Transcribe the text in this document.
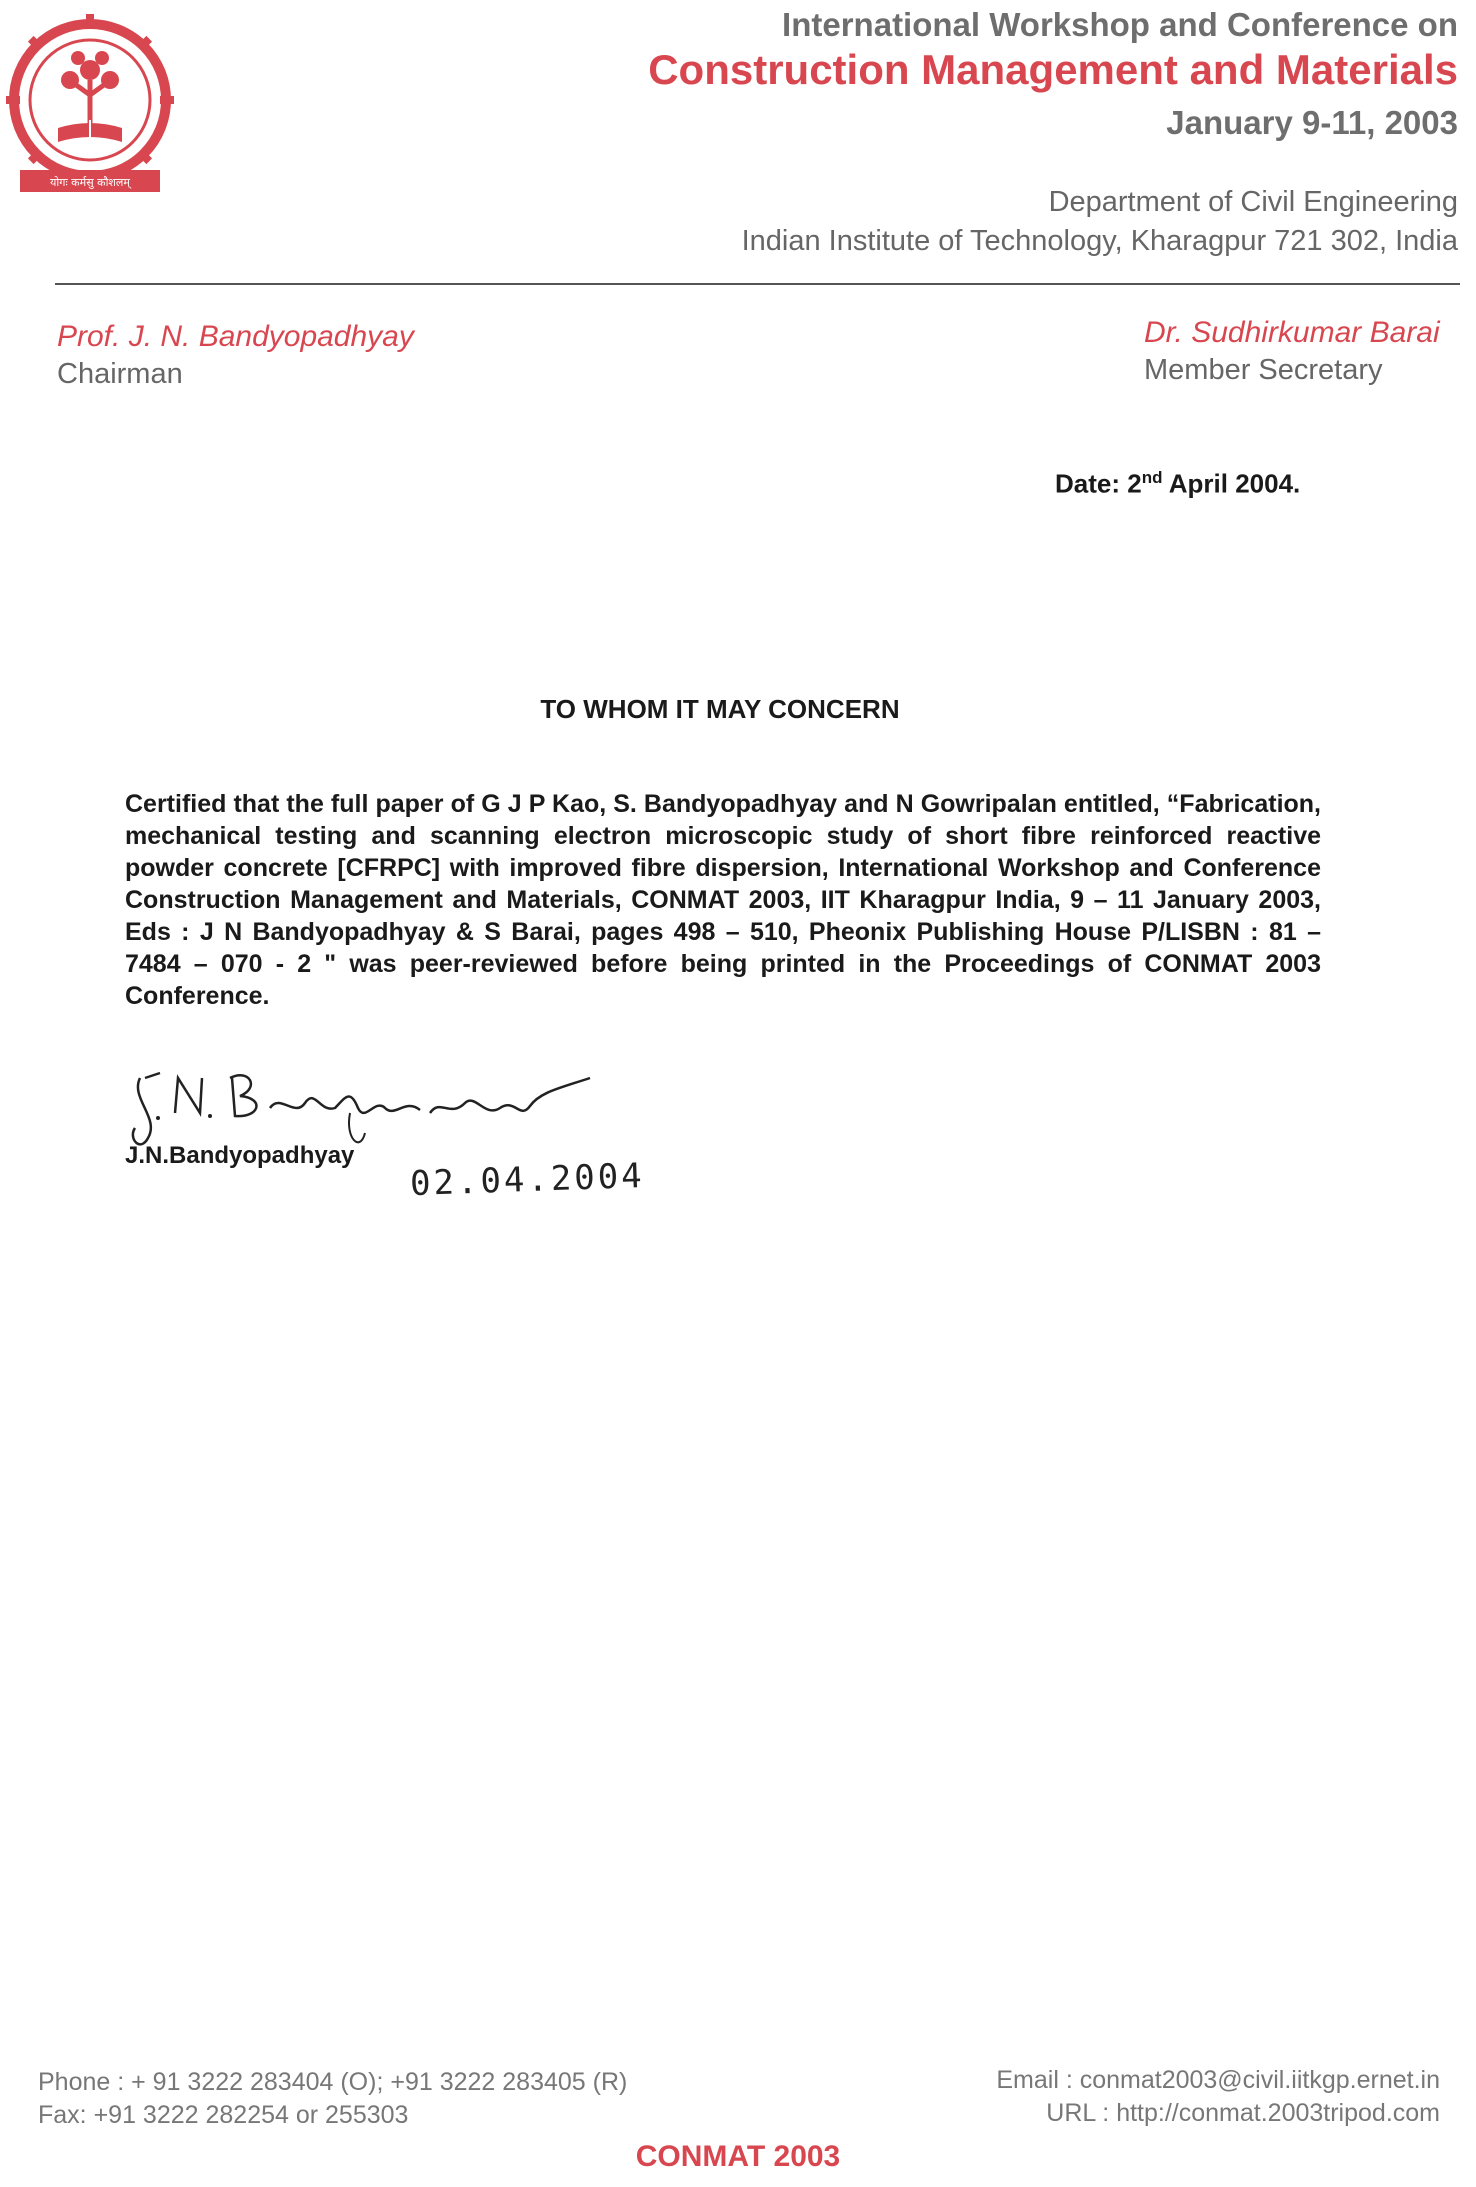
योगः कर्मसु कौशलम्
International Workshop and Conference on
Construction Management and Materials
January 9-11, 2003
Department of Civil Engineering
Indian Institute of Technology, Kharagpur 721 302, India
Prof. J. N. Bandyopadhyay
Chairman
Dr. Sudhirkumar Barai
Member Secretary
Date: 2nd April 2004.
TO WHOM IT MAY CONCERN
Certified that the full paper of G J P Kao, S. Bandyopadhyay and N Gowripalan entitled, “Fabrication, mechanical testing and scanning electron microscopic study of short fibre reinforced reactive powder concrete [CFRPC] with improved fibre dispersion, International Workshop and Conference Construction Management and Materials, CONMAT 2003, IIT Kharagpur India, 9 – 11 January 2003, Eds : J N Bandyopadhyay & S Barai, pages 498 – 510, Pheonix Publishing House P/LISBN : 81 – 7484 – 070 - 2 " was peer-reviewed before being printed in the Proceedings of CONMAT 2003 Conference.
J.N.Bandyopadhyay
02.04.2004
Phone : + 91 3222 283404 (O); +91 3222 283405 (R)
Fax: +91 3222 282254 or 255303
Email : conmat2003@civil.iitkgp.ernet.in
URL : http://conmat.2003tripod.com
CONMAT 2003
